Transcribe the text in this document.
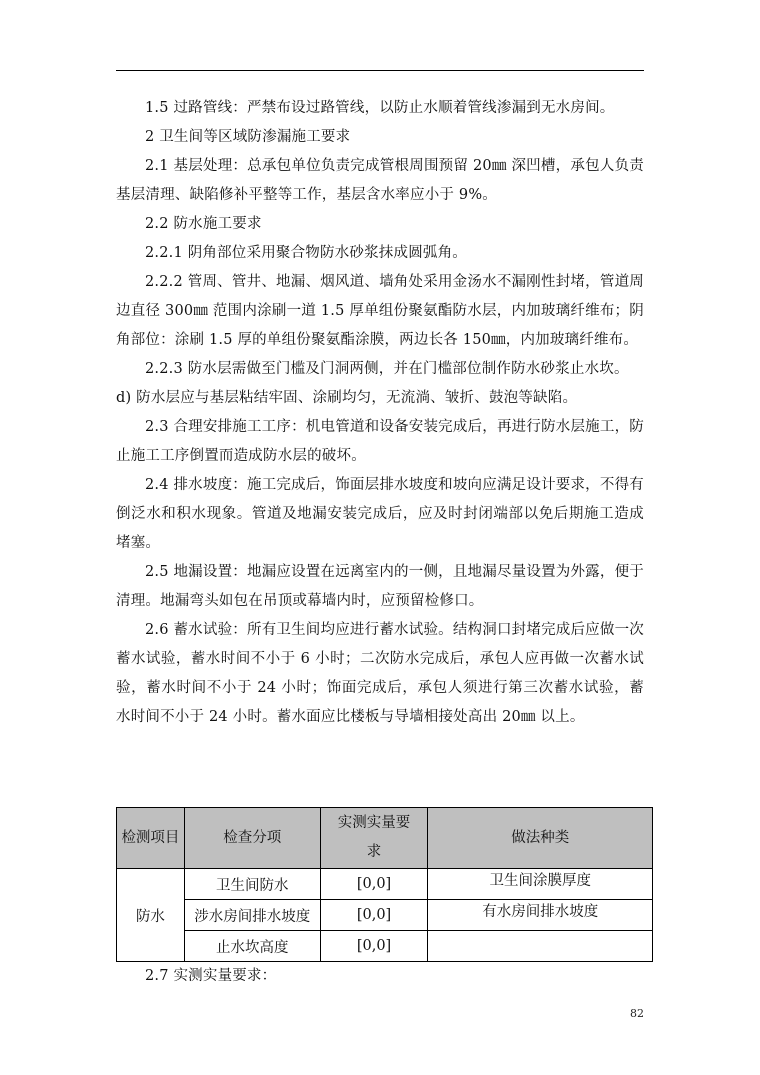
1.5 过路管线：严禁布设过路管线，以防止水顺着管线渗漏到无水房间。

2 卫生间等区域防渗漏施工要求

2.1 基层处理：总承包单位负责完成管根周围预留 20㎜ 深凹槽，承包人负责基层清理、缺陷修补平整等工作，基层含水率应小于 9%。

2.2 防水施工要求

2.2.1 阴角部位采用聚合物防水砂浆抹成圆弧角。

2.2.2 管周、管井、地漏、烟风道、墙角处采用金汤水不漏刚性封堵，管道周边直径 300㎜ 范围内涂刷一道 1.5 厚单组份聚氨酯防水层，内加玻璃纤维布；阴角部位：涂刷 1.5 厚的单组份聚氨酯涂膜，两边长各 150㎜，内加玻璃纤维布。

2.2.3 防水层需做至门槛及门洞两侧，并在门槛部位制作防水砂浆止水坎。

d) 防水层应与基层粘结牢固、涂刷均匀，无流淌、皱折、鼓泡等缺陷。

2.3 合理安排施工工序：机电管道和设备安装完成后，再进行防水层施工，防止施工工序倒置而造成防水层的破坏。

2.4 排水坡度：施工完成后，饰面层排水坡度和坡向应满足设计要求，不得有倒泛水和积水现象。管道及地漏安装完成后，应及时封闭端部以免后期施工造成堵塞。

2.5 地漏设置：地漏应设置在远离室内的一侧，且地漏尽量设置为外露，便于清理。地漏弯头如包在吊顶或幕墙内时，应预留检修口。

2.6 蓄水试验：所有卫生间均应进行蓄水试验。结构洞口封堵完成后应做一次蓄水试验，蓄水时间不小于 6 小时；二次防水完成后，承包人应再做一次蓄水试验，蓄水时间不小于 24 小时；饰面完成后，承包人须进行第三次蓄水试验，蓄水时间不小于 24 小时。蓄水面应比楼板与导墙相接处高出 20㎜ 以上。

检测项目	检查分项	实测实量要求	做法种类
防水	卫生间防水	[0,0]	卫生间涂膜厚度
	涉水房间排水坡度	[0,0]	有水房间排水坡度
	止水坎高度	[0,0]	

2.7 实测实量要求：

82
